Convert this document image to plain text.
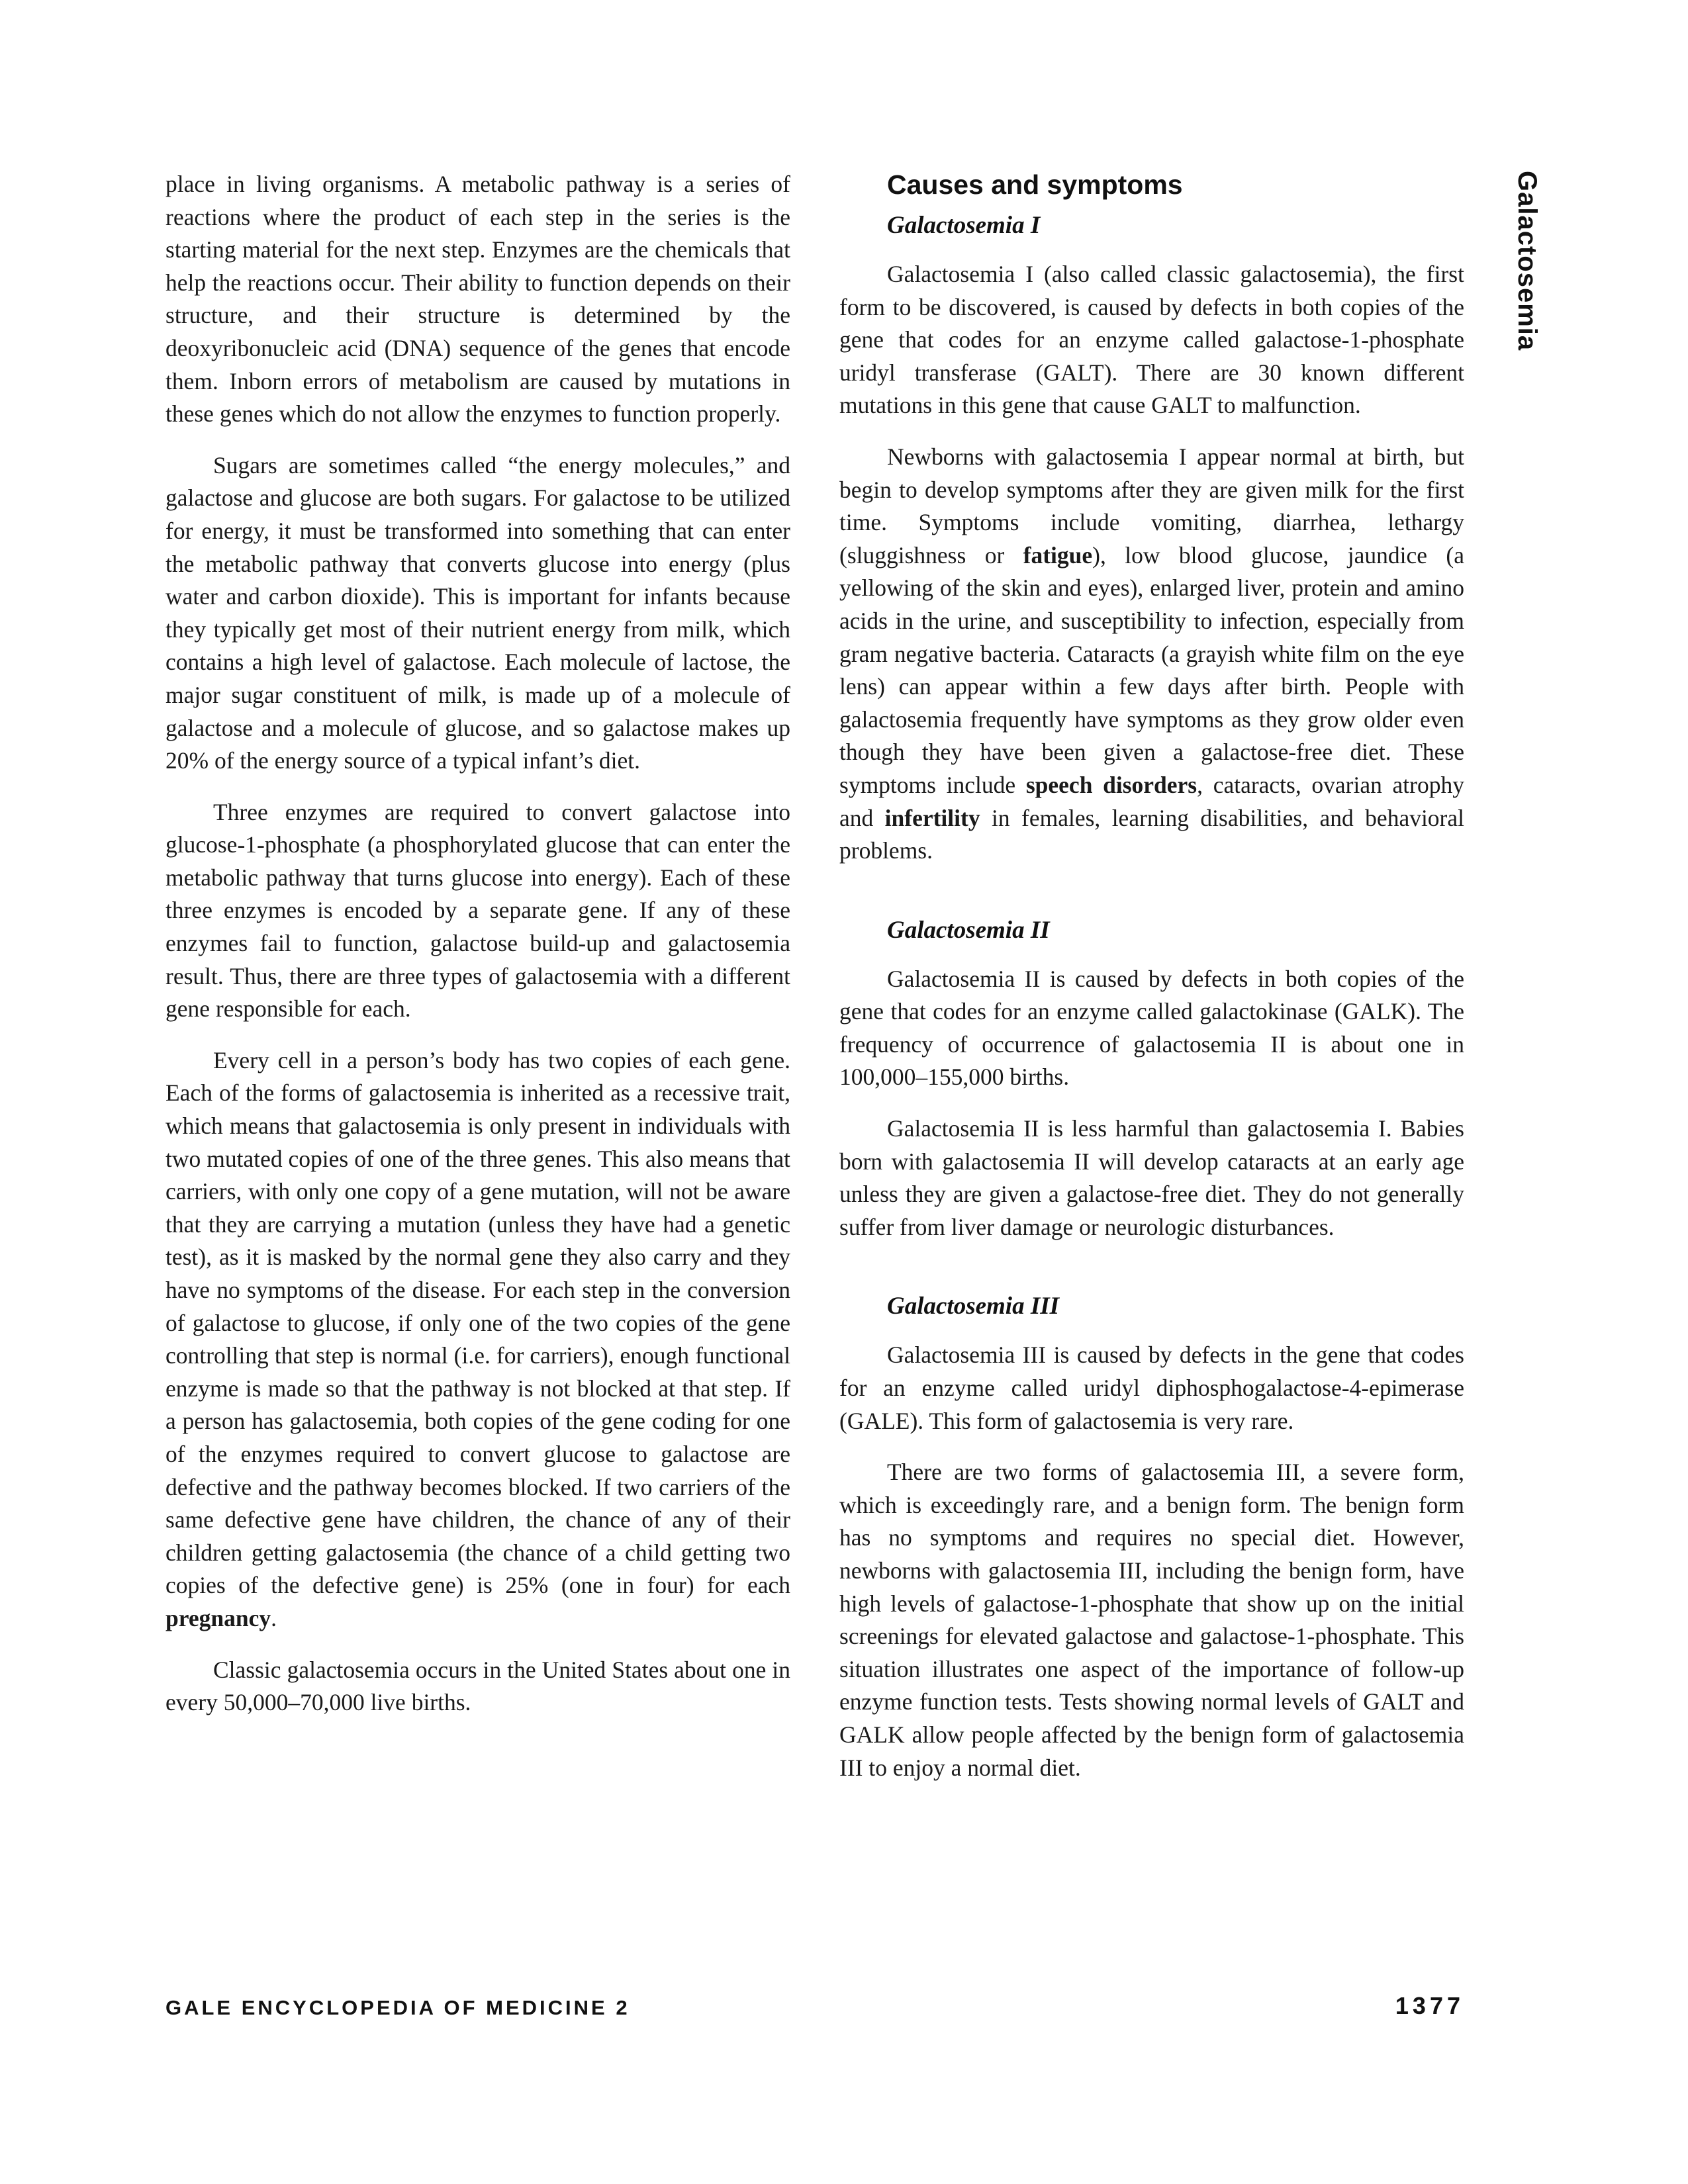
place in living organisms. A metabolic pathway is a series of reactions where the product of each step in the series is the starting material for the next step. Enzymes are the chemicals that help the reactions occur. Their ability to function depends on their structure, and their structure is determined by the deoxyribonucleic acid (DNA) sequence of the genes that encode them. Inborn errors of metabolism are caused by mutations in these genes which do not allow the enzymes to function properly.

Sugars are sometimes called “the energy molecules,” and galactose and glucose are both sugars. For galactose to be utilized for energy, it must be transformed into something that can enter the metabolic pathway that converts glucose into energy (plus water and carbon dioxide). This is important for infants because they typically get most of their nutrient energy from milk, which contains a high level of galactose. Each molecule of lactose, the major sugar constituent of milk, is made up of a molecule of galactose and a molecule of glucose, and so galactose makes up 20% of the energy source of a typical infant’s diet.

Three enzymes are required to convert galactose into glucose-1-phosphate (a phosphorylated glucose that can enter the metabolic pathway that turns glucose into energy). Each of these three enzymes is encoded by a separate gene. If any of these enzymes fail to function, galactose build-up and galactosemia result. Thus, there are three types of galactosemia with a different gene responsible for each.

Every cell in a person’s body has two copies of each gene. Each of the forms of galactosemia is inherited as a recessive trait, which means that galactosemia is only present in individuals with two mutated copies of one of the three genes. This also means that carriers, with only one copy of a gene mutation, will not be aware that they are carrying a mutation (unless they have had a genetic test), as it is masked by the normal gene they also carry and they have no symptoms of the disease. For each step in the conversion of galactose to glucose, if only one of the two copies of the gene controlling that step is normal (i.e. for carriers), enough functional enzyme is made so that the pathway is not blocked at that step. If a person has galactosemia, both copies of the gene coding for one of the enzymes required to convert glucose to galactose are defective and the pathway becomes blocked. If two carriers of the same defective gene have children, the chance of any of their children getting galactosemia (the chance of a child getting two copies of the defective gene) is 25% (one in four) for each pregnancy.

Classic galactosemia occurs in the United States about one in every 50,000–70,000 live births.

Causes and symptoms
Galactosemia I

Galactosemia I (also called classic galactosemia), the first form to be discovered, is caused by defects in both copies of the gene that codes for an enzyme called galactose-1-phosphate uridyl transferase (GALT). There are 30 known different mutations in this gene that cause GALT to malfunction.

Newborns with galactosemia I appear normal at birth, but begin to develop symptoms after they are given milk for the first time. Symptoms include vomiting, diarrhea, lethargy (sluggishness or fatigue), low blood glucose, jaundice (a yellowing of the skin and eyes), enlarged liver, protein and amino acids in the urine, and susceptibility to infection, especially from gram negative bacteria. Cataracts (a grayish white film on the eye lens) can appear within a few days after birth. People with galactosemia frequently have symptoms as they grow older even though they have been given a galactose-free diet. These symptoms include speech disorders, cataracts, ovarian atrophy and infertility in females, learning disabilities, and behavioral problems.

Galactosemia II

Galactosemia II is caused by defects in both copies of the gene that codes for an enzyme called galactokinase (GALK). The frequency of occurrence of galactosemia II is about one in 100,000–155,000 births.

Galactosemia II is less harmful than galactosemia I. Babies born with galactosemia II will develop cataracts at an early age unless they are given a galactose-free diet. They do not generally suffer from liver damage or neurologic disturbances.

Galactosemia III

Galactosemia III is caused by defects in the gene that codes for an enzyme called uridyl diphosphogalactose-4-epimerase (GALE). This form of galactosemia is very rare.

There are two forms of galactosemia III, a severe form, which is exceedingly rare, and a benign form. The benign form has no symptoms and requires no special diet. However, newborns with galactosemia III, including the benign form, have high levels of galactose-1-phosphate that show up on the initial screenings for elevated galactose and galactose-1-phosphate. This situation illustrates one aspect of the importance of follow-up enzyme function tests. Tests showing normal levels of GALT and GALK allow people affected by the benign form of galactosemia III to enjoy a normal diet.

Galactosemia
GALE ENCYCLOPEDIA OF MEDICINE 2	1377
